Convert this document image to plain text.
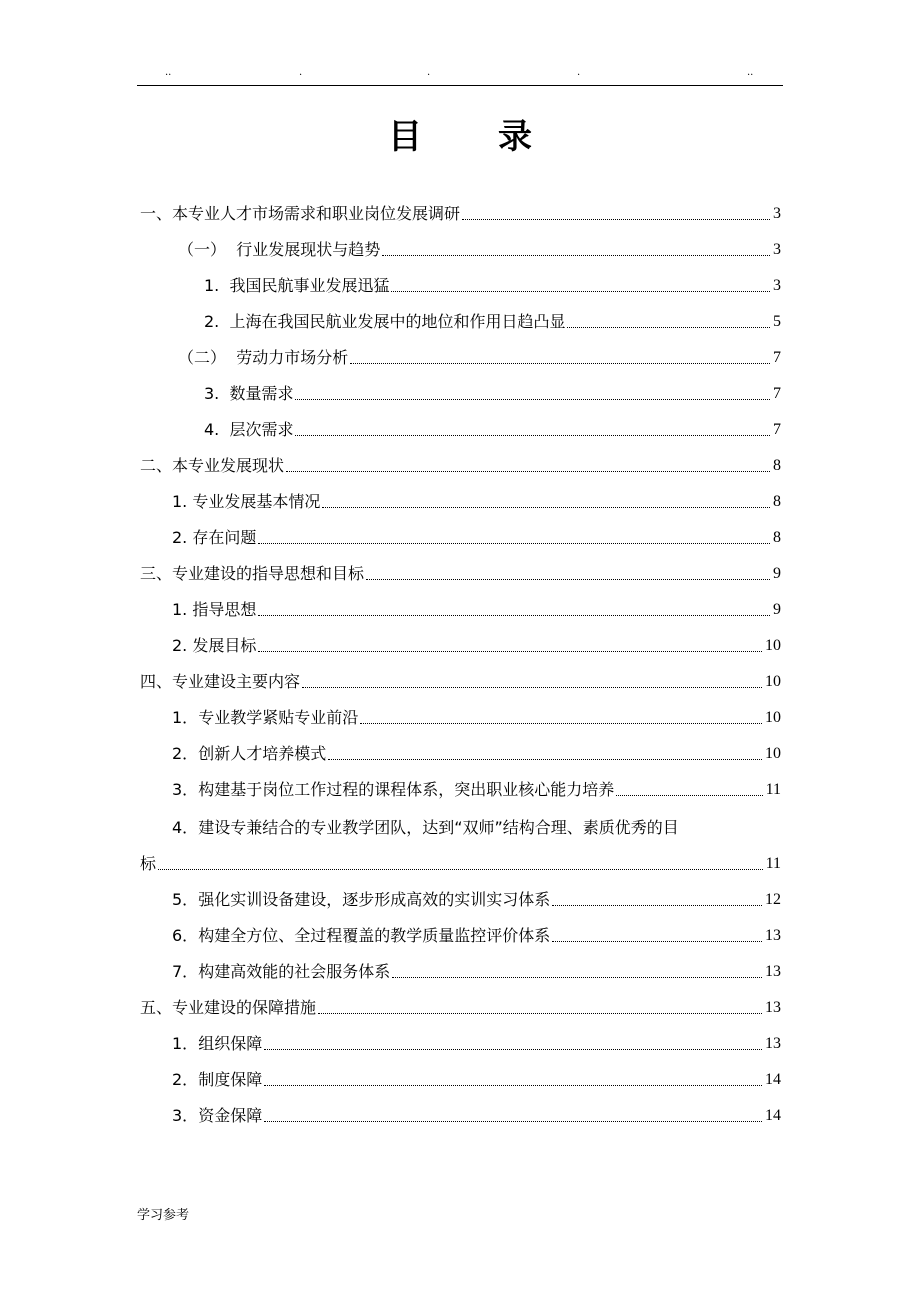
..	.	.	.	..
目 录
一、本专业人才市场需求和职业岗位发展调研	3
（一） 行业发展现状与趋势	3
1. 我国民航事业发展迅猛	3
2. 上海在我国民航业发展中的地位和作用日趋凸显	5
（二） 劳动力市场分析	7
3. 数量需求	7
4. 层次需求	7
二、本专业发展现状	8
1. 专业发展基本情况	8
2. 存在问题	8
三、专业建设的指导思想和目标	9
1. 指导思想	9
2. 发展目标	10
四、专业建设主要内容	10
1． 专业教学紧贴专业前沿	10
2． 创新人才培养模式	10
3． 构建基于岗位工作过程的课程体系，突出职业核心能力培养	11
4．建设专兼结合的专业教学团队，达到“双师”结构合理、素质优秀的目
标	11
5． 强化实训设备建设，逐步形成高效的实训实习体系	12
6． 构建全方位、全过程覆盖的教学质量监控评价体系	13
7． 构建高效能的社会服务体系	13
五、专业建设的保障措施	13
1． 组织保障	13
2． 制度保障	14
3． 资金保障	14
学习参考
